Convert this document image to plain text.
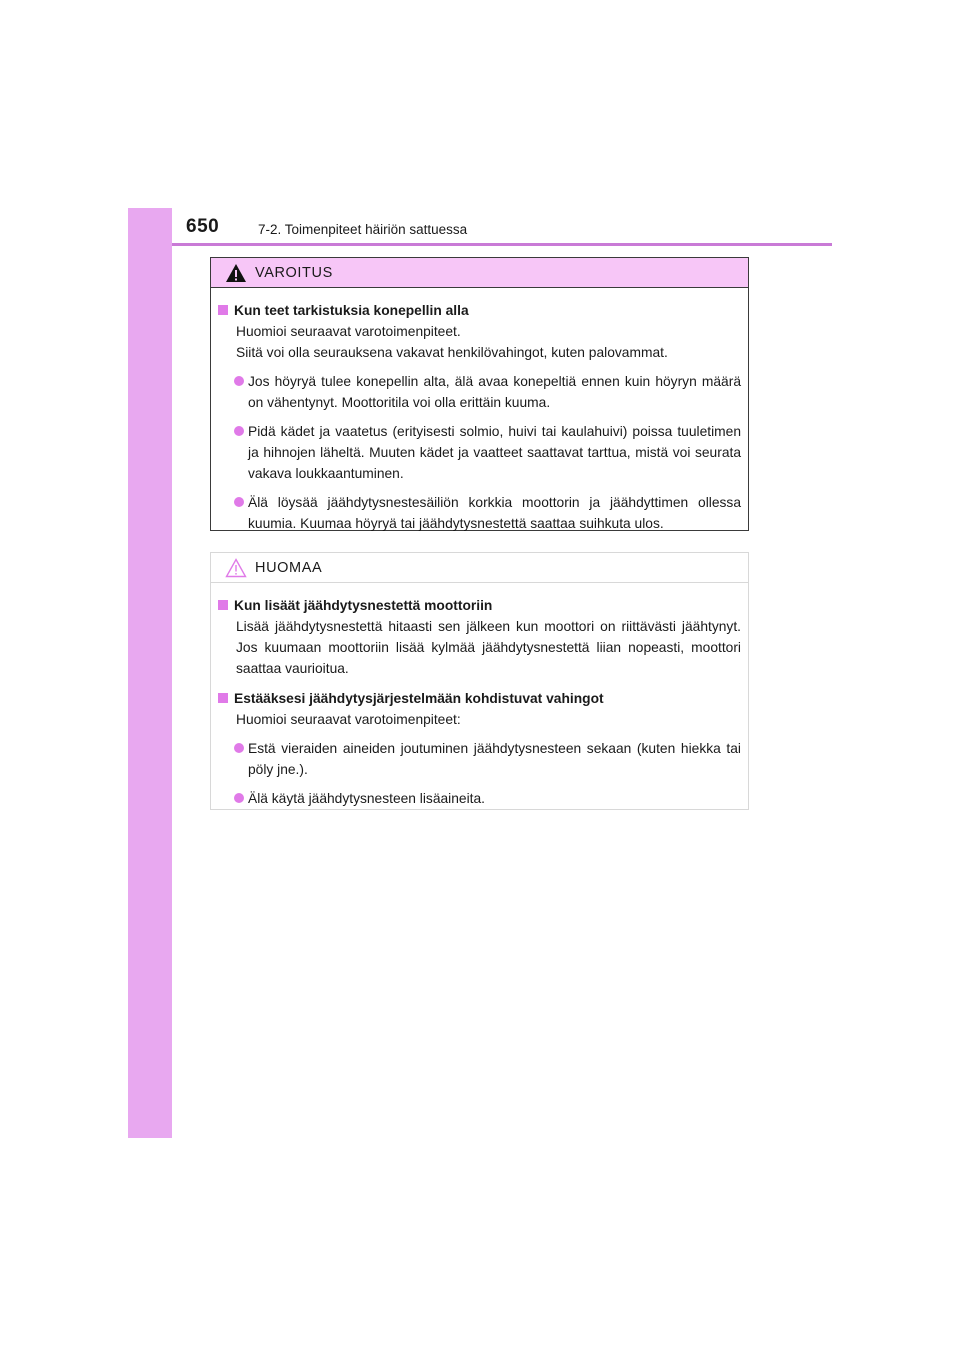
650	7-2. Toimenpiteet häiriön sattuessa
VAROITUS
Kun teet tarkistuksia konepellin alla
Huomioi seuraavat varotoimenpiteet.
Siitä voi olla seurauksena vakavat henkilövahingot, kuten palovammat.
Jos höyryä tulee konepellin alta, älä avaa konepeltiä ennen kuin höyryn määrä on vähentynyt. Moottoritila voi olla erittäin kuuma.
Pidä kädet ja vaatetus (erityisesti solmio, huivi tai kaulahuivi) poissa tuuletimen ja hihnojen läheltä. Muuten kädet ja vaatteet saattavat tarttua, mistä voi seurata vakava loukkaantuminen.
Älä löysää jäähdytysnestesäiliön korkkia moottorin ja jäähdyttimen ollessa kuumia. Kuumaa höyryä tai jäähdytysnestettä saattaa suihkuta ulos.
HUOMAA
Kun lisäät jäähdytysnestettä moottoriin
Lisää jäähdytysnestettä hitaasti sen jälkeen kun moottori on riittävästi jäähtynyt. Jos kuumaan moottoriin lisää kylmää jäähdytysnestettä liian nopeasti, moottori saattaa vaurioitua.
Estääksesi jäähdytysjärjestelmään kohdistuvat vahingot
Huomioi seuraavat varotoimenpiteet:
Estä vieraiden aineiden joutuminen jäähdytysnesteen sekaan (kuten hiekka tai pöly jne.).
Älä käytä jäähdytysnesteen lisäaineita.
